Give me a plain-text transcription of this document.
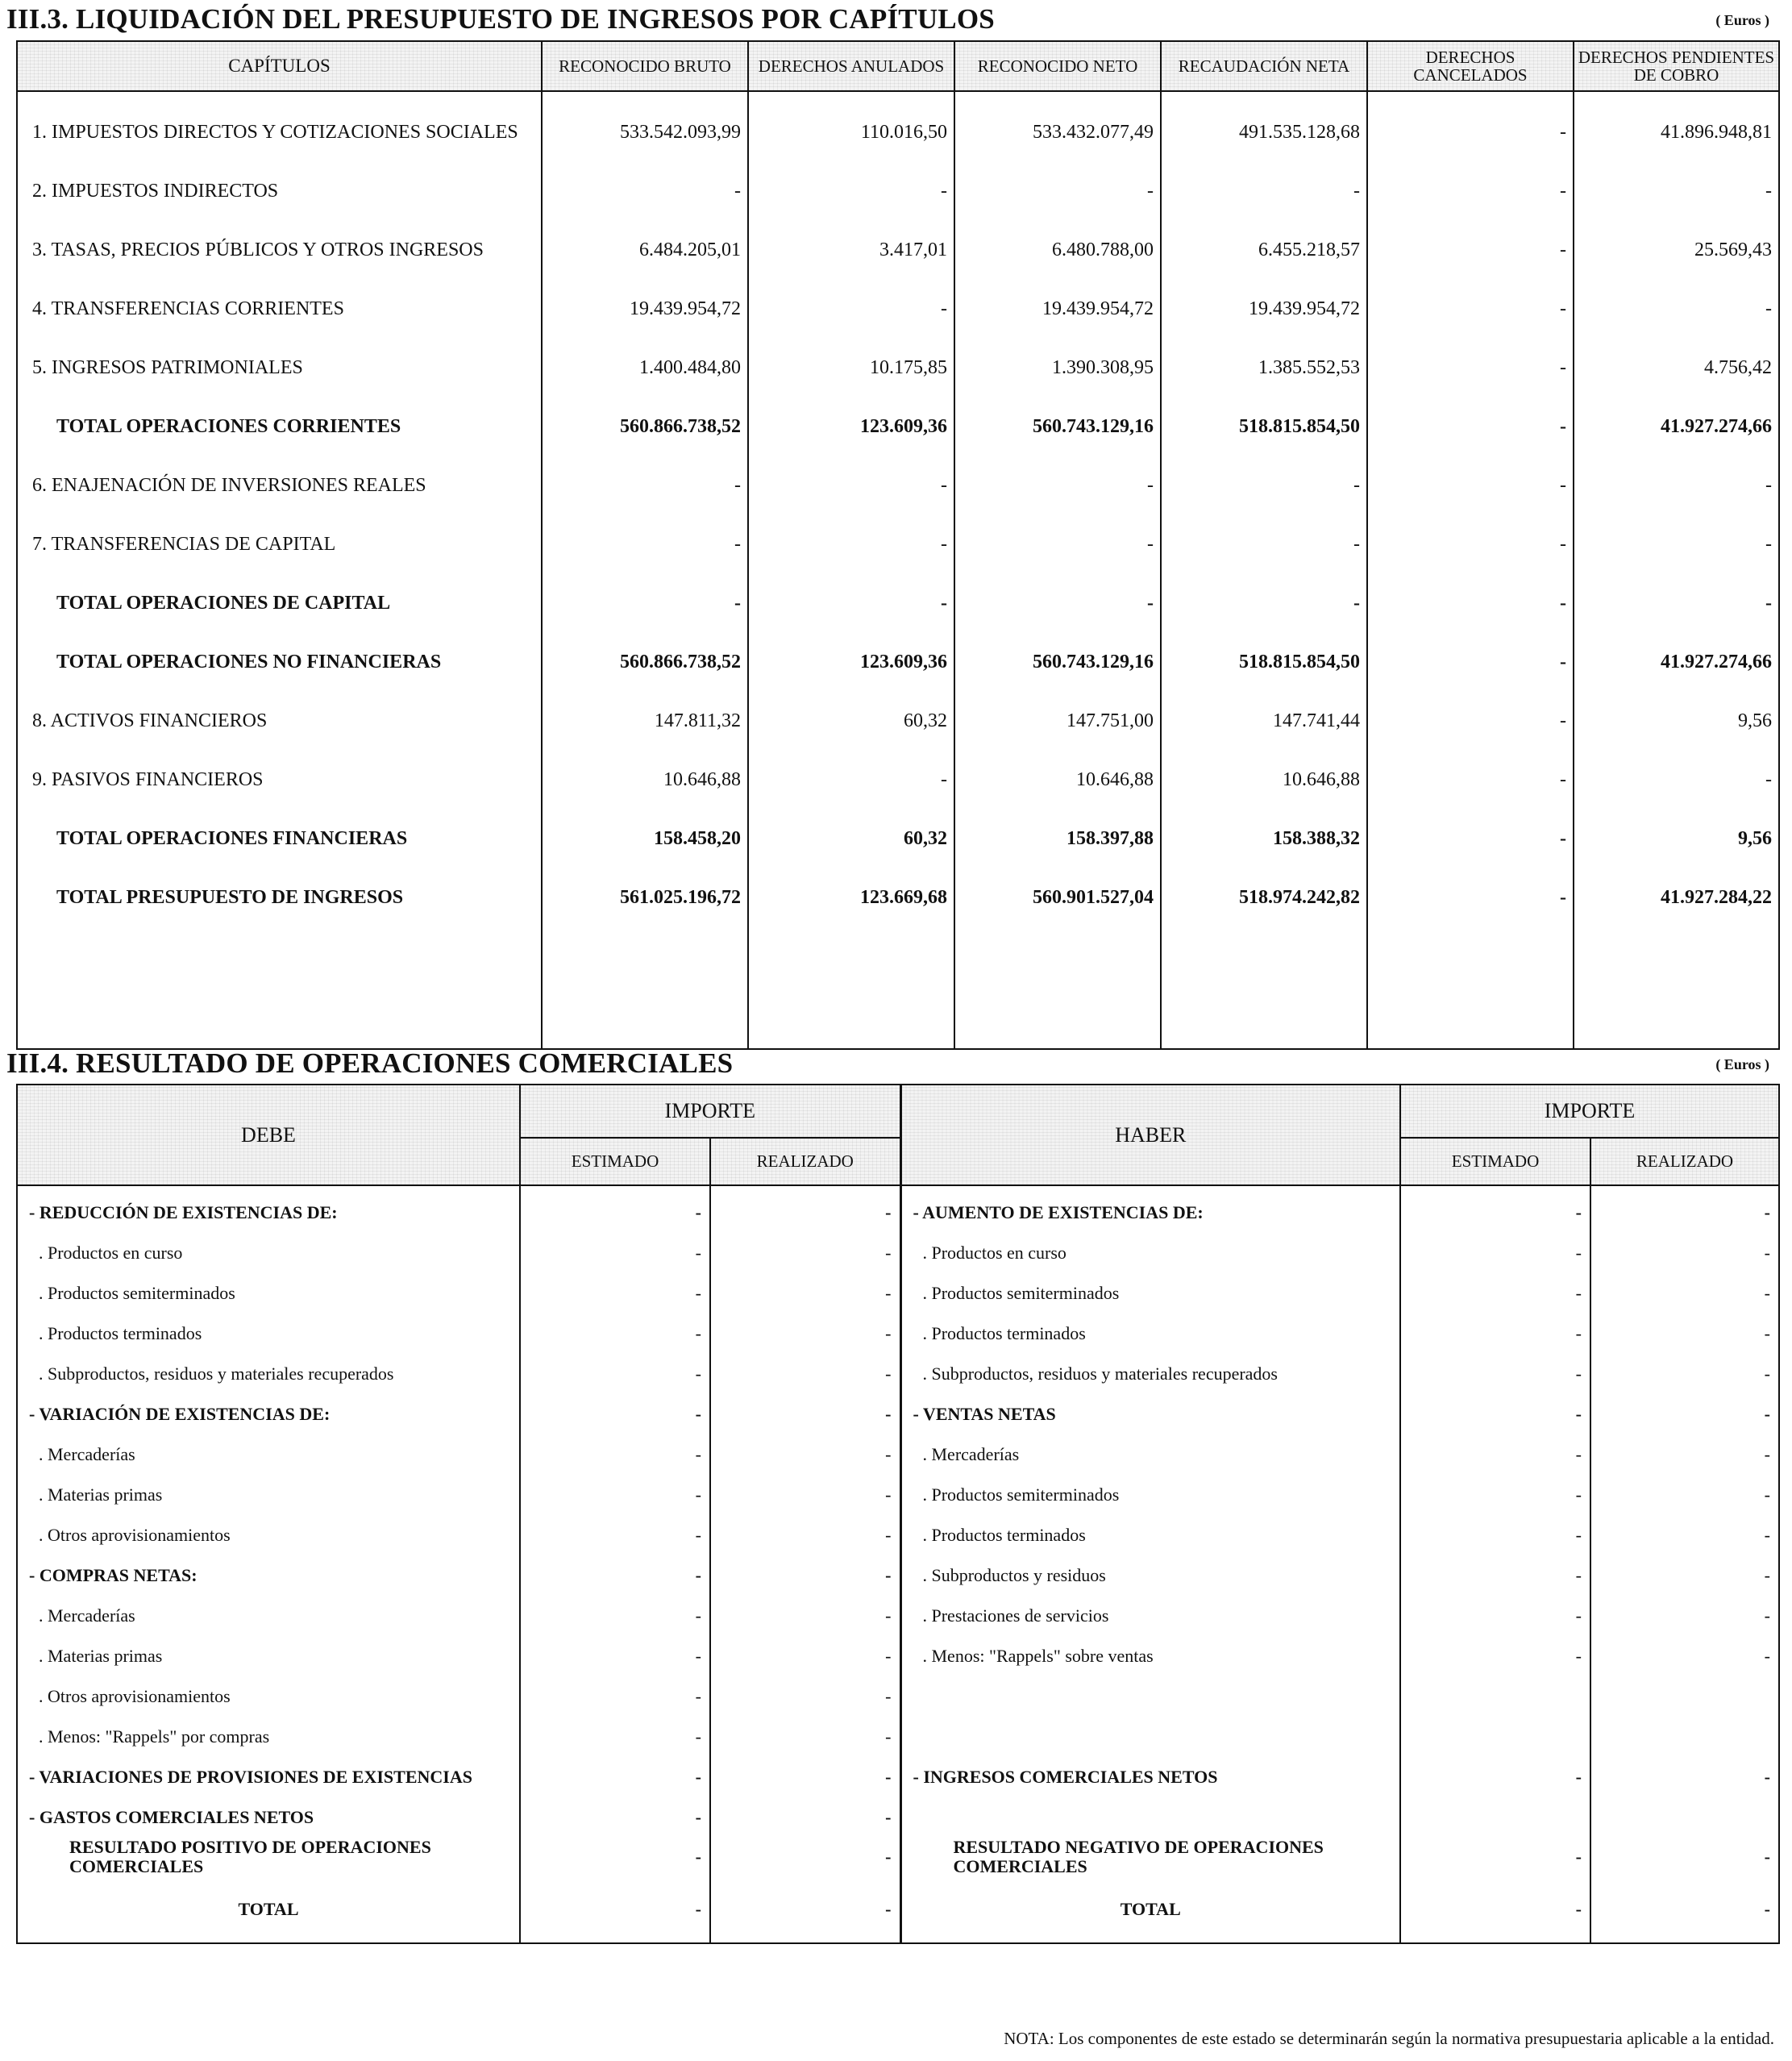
III.3. LIQUIDACIÓN DEL PRESUPUESTO DE INGRESOS POR CAPÍTULOS	( Euros )
CAPÍTULOS	RECONOCIDO BRUTO	DERECHOS ANULADOS	RECONOCIDO NETO	RECAUDACIÓN NETA	DERECHOS CANCELADOS	DERECHOS PENDIENTES DE COBRO
1. IMPUESTOS DIRECTOS Y COTIZACIONES SOCIALES	533.542.093,99	110.016,50	533.432.077,49	491.535.128,68	-	41.896.948,81
2. IMPUESTOS INDIRECTOS	-	-	-	-	-	-
3. TASAS, PRECIOS PÚBLICOS Y OTROS INGRESOS	6.484.205,01	3.417,01	6.480.788,00	6.455.218,57	-	25.569,43
4. TRANSFERENCIAS CORRIENTES	19.439.954,72	-	19.439.954,72	19.439.954,72	-	-
5. INGRESOS PATRIMONIALES	1.400.484,80	10.175,85	1.390.308,95	1.385.552,53	-	4.756,42
TOTAL OPERACIONES CORRIENTES	560.866.738,52	123.609,36	560.743.129,16	518.815.854,50	-	41.927.274,66
6. ENAJENACIÓN DE INVERSIONES REALES	-	-	-	-	-	-
7. TRANSFERENCIAS DE CAPITAL	-	-	-	-	-	-
TOTAL OPERACIONES DE CAPITAL	-	-	-	-	-	-
TOTAL OPERACIONES NO FINANCIERAS	560.866.738,52	123.609,36	560.743.129,16	518.815.854,50	-	41.927.274,66
8. ACTIVOS FINANCIEROS	147.811,32	60,32	147.751,00	147.741,44	-	9,56
9. PASIVOS FINANCIEROS	10.646,88	-	10.646,88	10.646,88	-	-
TOTAL OPERACIONES FINANCIERAS	158.458,20	60,32	158.397,88	158.388,32	-	9,56
TOTAL PRESUPUESTO DE INGRESOS	561.025.196,72	123.669,68	560.901.527,04	518.974.242,82	-	41.927.284,22

III.4. RESULTADO DE OPERACIONES COMERCIALES	( Euros )
DEBE	IMPORTE		HABER	IMPORTE	
	ESTIMADO	REALIZADO		ESTIMADO	REALIZADO
- REDUCCIÓN DE EXISTENCIAS DE:	-	-	- AUMENTO DE EXISTENCIAS DE:	-	-
. Productos en curso	-	-	. Productos en curso	-	-
. Productos semiterminados	-	-	. Productos semiterminados	-	-
. Productos terminados	-	-	. Productos terminados	-	-
. Subproductos, residuos y materiales recuperados	-	-	. Subproductos, residuos y materiales recuperados	-	-
- VARIACIÓN DE EXISTENCIAS DE:	-	-	- VENTAS NETAS	-	-
. Mercaderías	-	-	. Mercaderías	-	-
. Materias primas	-	-	. Productos semiterminados	-	-
. Otros aprovisionamientos	-	-	. Productos terminados	-	-
- COMPRAS NETAS:	-	-	. Subproductos y residuos	-	-
. Mercaderías	-	-	. Prestaciones de servicios	-	-
. Materias primas	-	-	. Menos: "Rappels" sobre ventas	-	-
. Otros aprovisionamientos	-	-			
. Menos: "Rappels" por compras	-	-			
- VARIACIONES DE PROVISIONES DE EXISTENCIAS	-	-	- INGRESOS COMERCIALES NETOS	-	-
- GASTOS COMERCIALES NETOS	-	-			
RESULTADO POSITIVO DE OPERACIONES COMERCIALES	-	-	RESULTADO NEGATIVO DE OPERACIONES COMERCIALES	-	-
TOTAL	-	-	TOTAL	-	-
NOTA: Los componentes de este estado se determinarán según la normativa presupuestaria aplicable a la entidad.
